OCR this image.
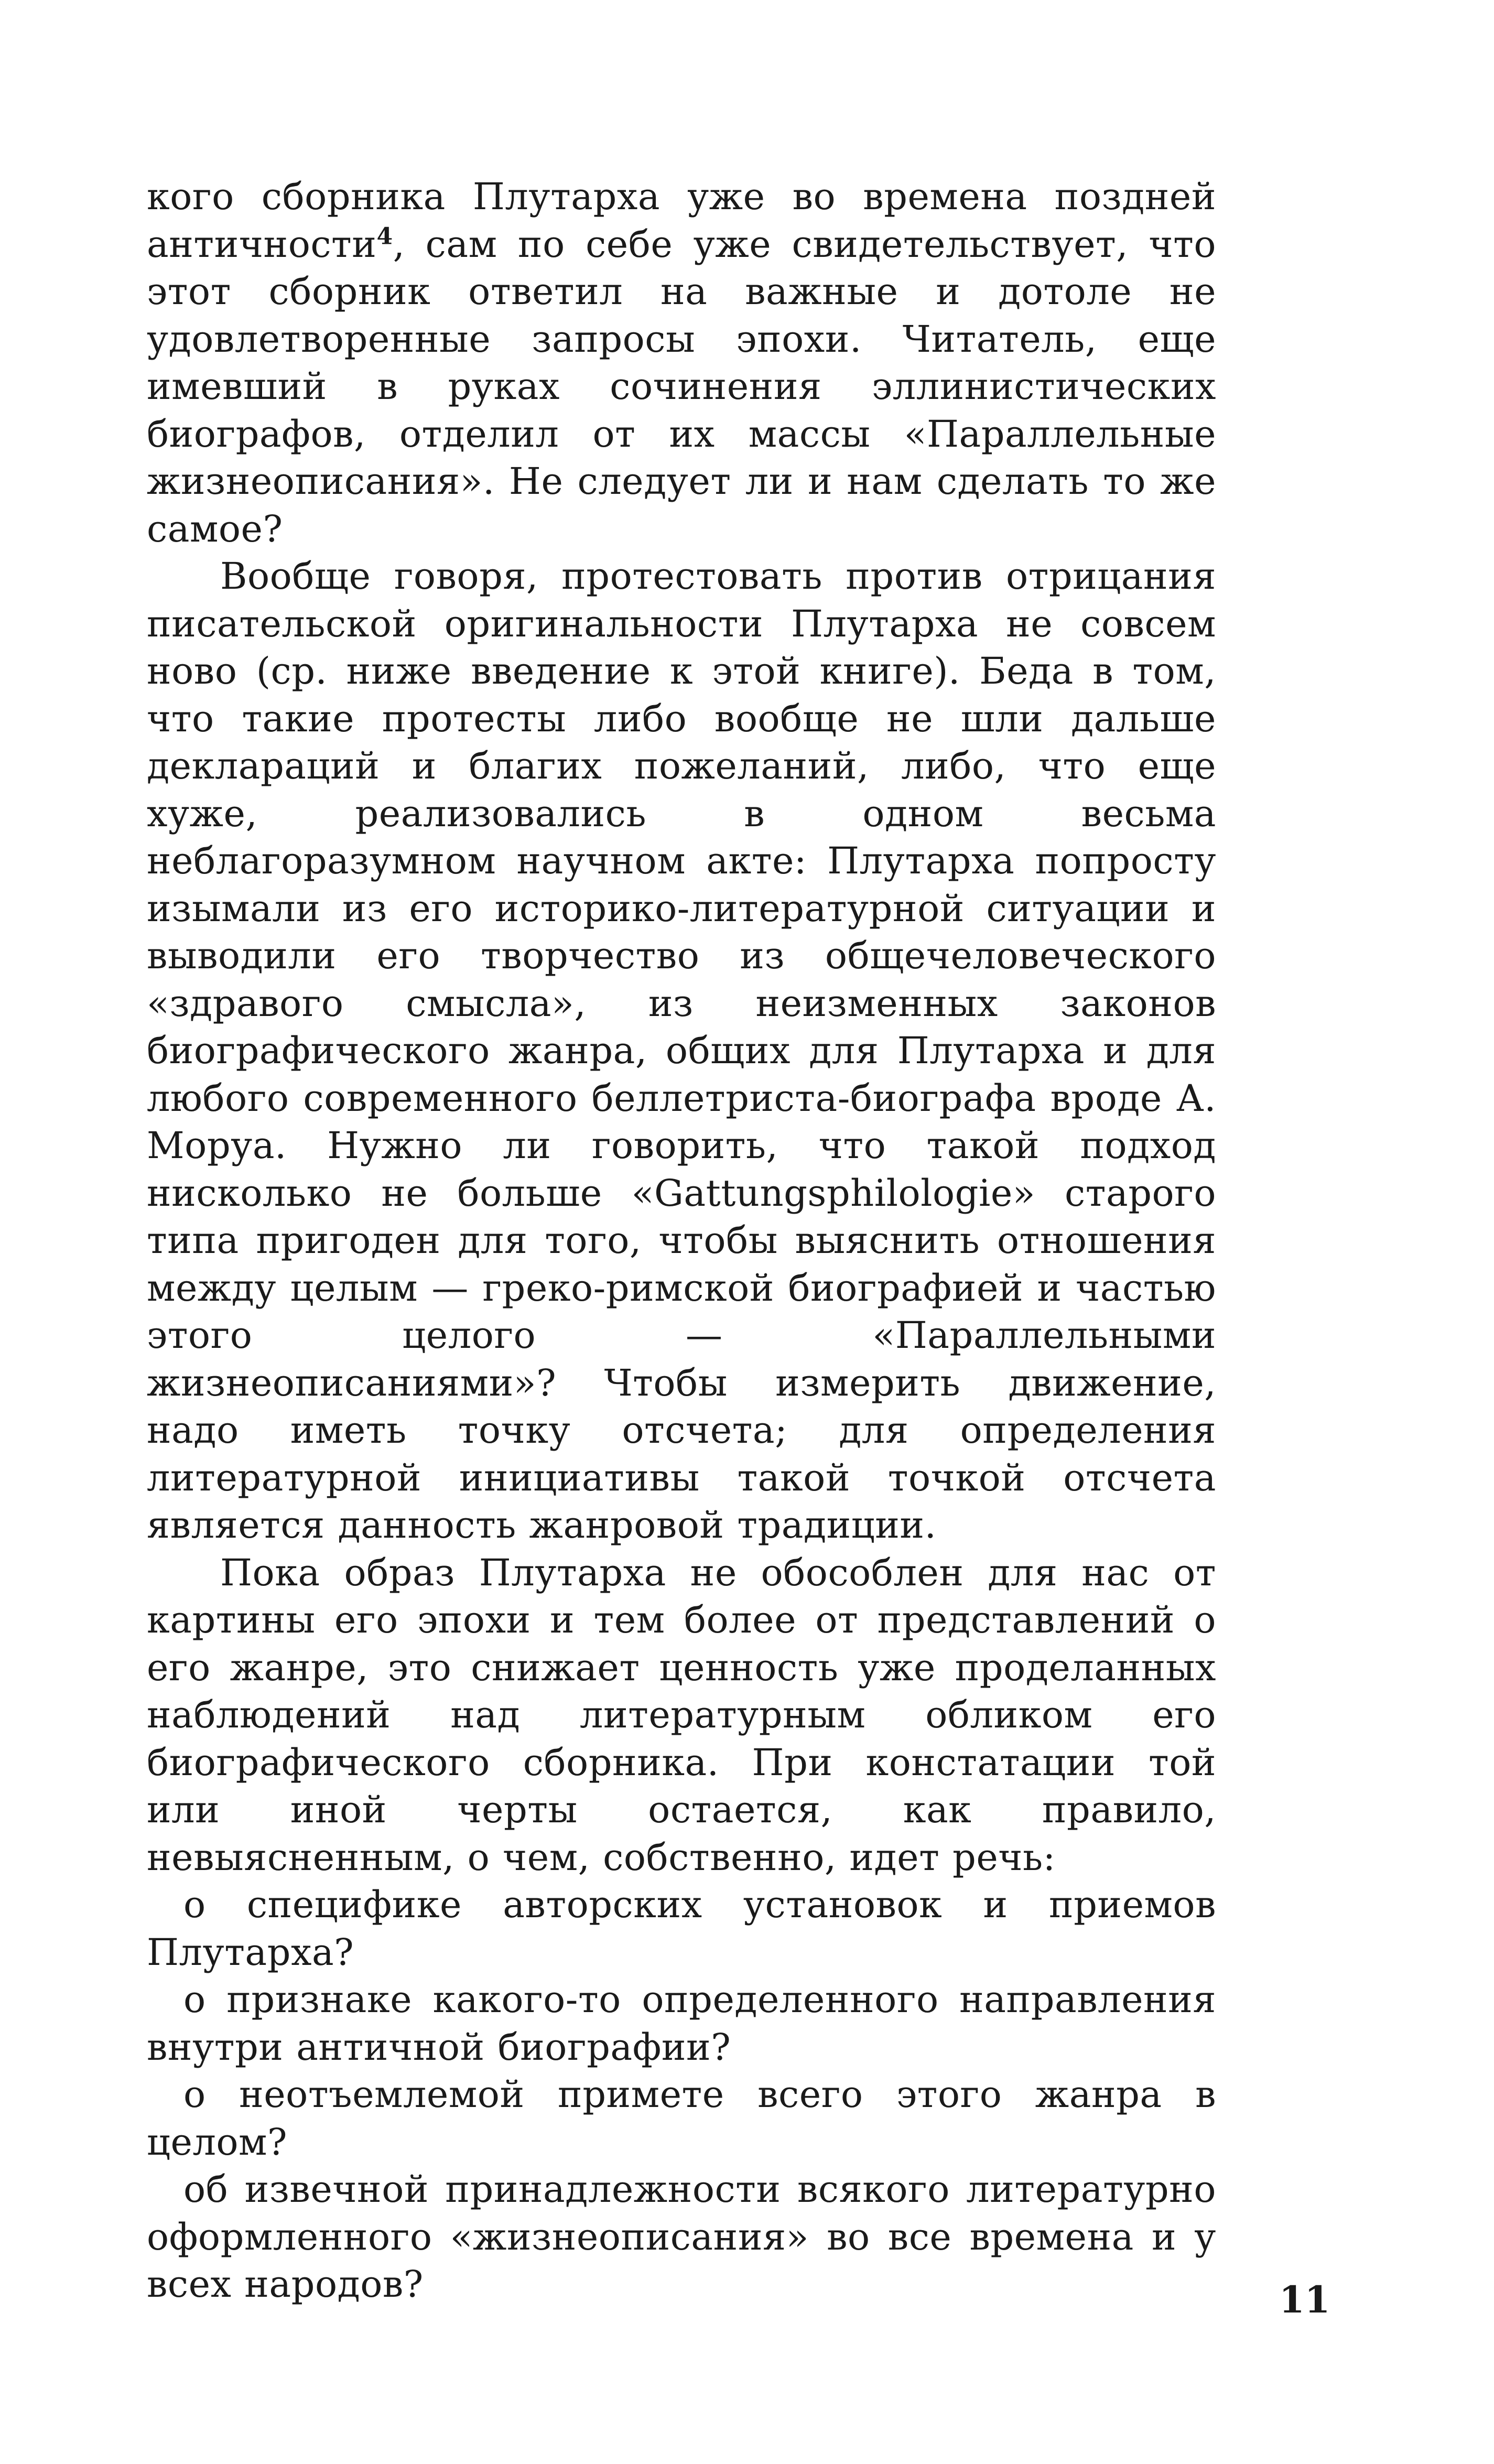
кого сборника Плутарха уже во времена поздней античности$^4$, сам по себе уже свидетельствует, что этот сборник ответил на важные и дотоле не удовлетворенные запросы эпохи. Читатель, еще имевший в руках сочинения эллинистических биографов, отделил от их массы «Параллельные жизнеописания». Не следует ли и нам сделать то же самое?

Вообще говоря, протестовать против отрицания писательской оригинальности Плутарха не совсем ново (ср. ниже введение к этой книге). Беда в том, что такие протесты либо вообще не шли дальше деклараций и благих пожеланий, либо, что еще хуже, реализовались в одном весьма неблагоразумном научном акте: Плутарха попросту изымали из его историко-литературной ситуации и выводили его творчество из общечеловеческого «здравого смысла», из неизменных законов биографического жанра, общих для Плутарха и для любого современного беллетриста-биографа вроде А. Моруа. Нужно ли говорить, что такой подход нисколько не больше «Gattungsphilologie» старого типа пригоден для того, чтобы выяснить отношения между целым — греко-римской биографией и частью этого целого — «Параллельными жизнеописаниями»? Чтобы измерить движение, надо иметь точку отсчета; для определения литературной инициативы такой точкой отсчета является данность жанровой традиции.

Пока образ Плутарха не обособлен для нас от картины его эпохи и тем более от представлений о его жанре, это снижает ценность уже проделанных наблюдений над литературным обликом его биографического сборника. При констатации той или иной черты остается, как правило, невыясненным, о чем, собственно, идет речь:

о специфике авторских установок и приемов Плутарха?

о признаке какого-то определенного направления внутри античной биографии?

о неотъемлемой примете всего этого жанра в целом?

об извечной принадлежности всякого литературно оформленного «жизнеописания» во все времена и у всех народов?	11
